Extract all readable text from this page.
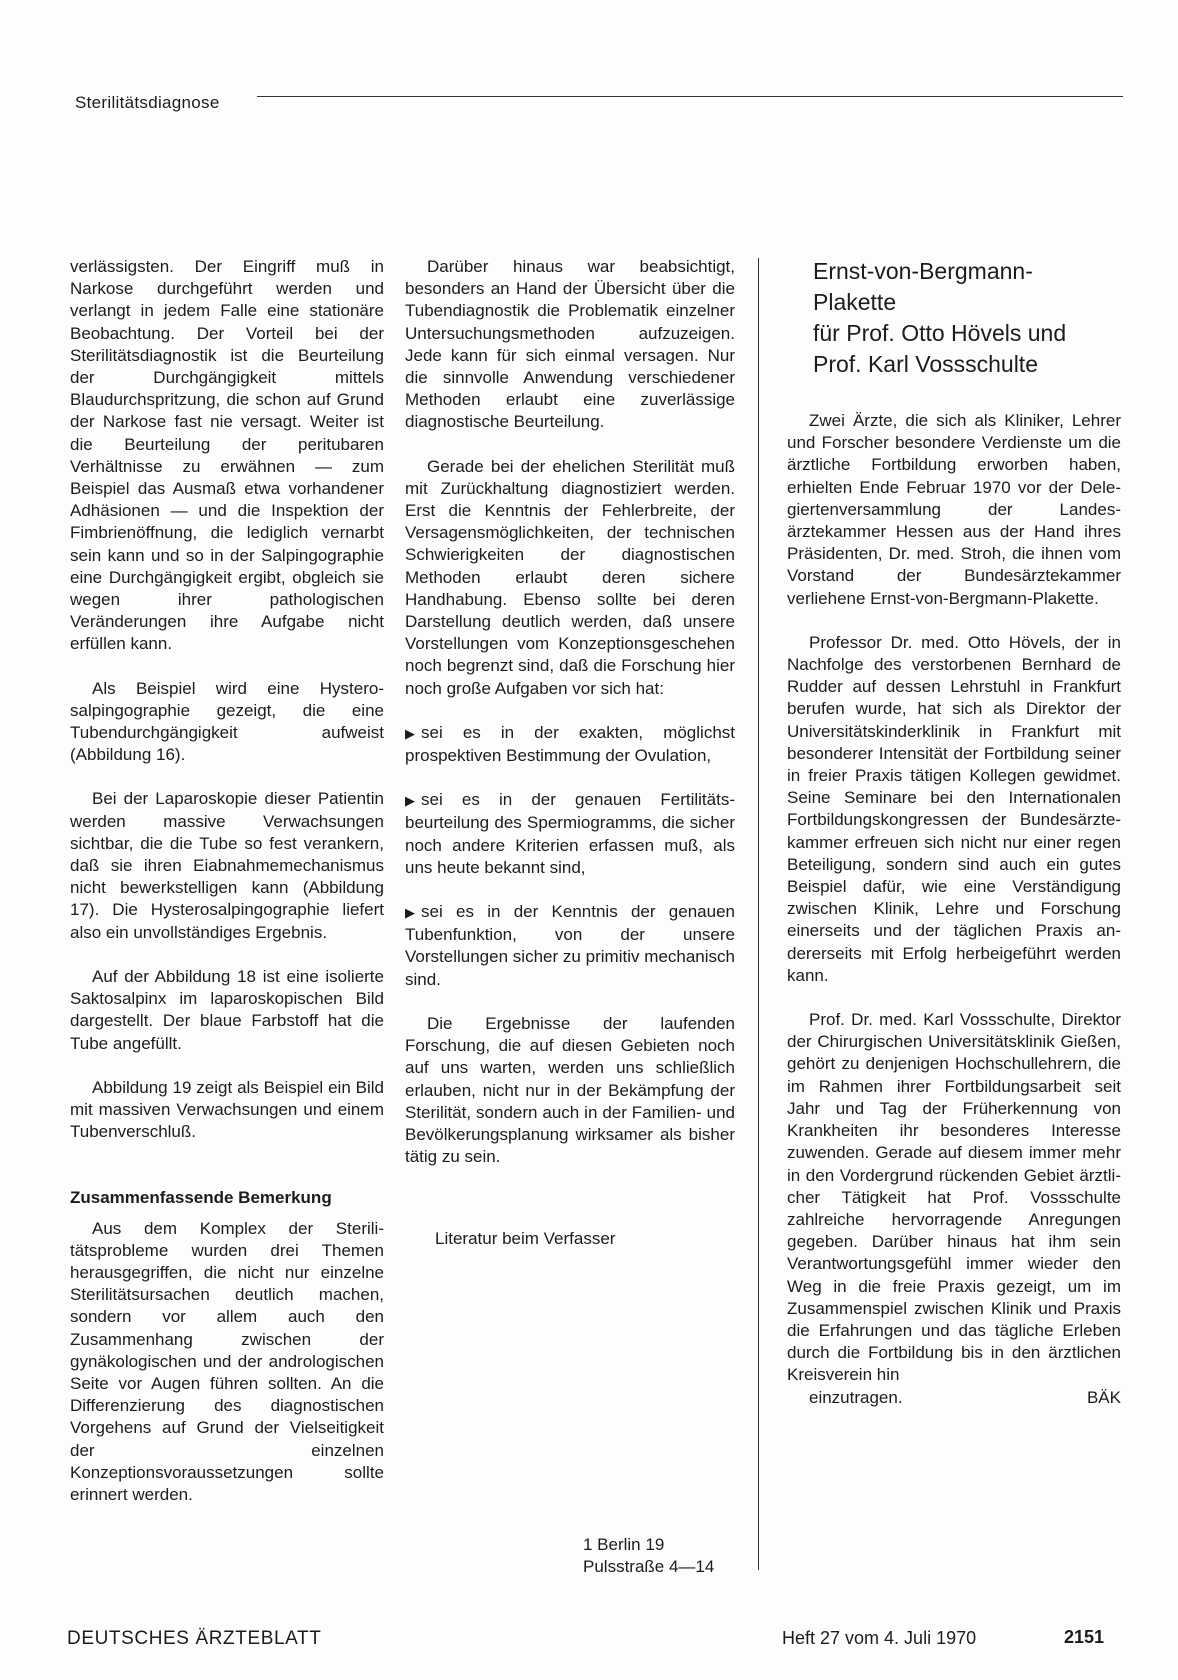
Sterilitätsdiagnose

verlässigsten. Der Eingriff muß in Narkose durchgeführt werden und verlangt in jedem Falle eine stationäre Beobachtung. Der Vorteil bei der Sterilitätsdiagnostik ist die Beurteilung der Durchgängigkeit mittels Blaudurchspritzung, die schon auf Grund der Narkose fast nie versagt. Weiter ist die Beurteilung der peritubaren Verhältnisse zu erwähnen — zum Beispiel das Ausmaß etwa vorhandener Adhäsionen — und die Inspektion der Fimbrienöffnung, die lediglich vernarbt sein kann und so in der Salpingographie eine Durchgängigkeit ergibt, obgleich sie wegen ihrer pathologischen Veränderungen ihre Aufgabe nicht erfüllen kann.

Als Beispiel wird eine Hysterosalpingographie gezeigt, die eine Tubendurchgängigkeit aufweist (Abbildung 16).

Bei der Laparoskopie dieser Patientin werden massive Verwachsungen sichtbar, die die Tube so fest verankern, daß sie ihren Eiabnahmemechanismus nicht bewerkstelligen kann (Abbildung 17). Die Hysterosalpingographie liefert also ein unvollständiges Ergebnis.

Auf der Abbildung 18 ist eine isolierte Saktosalpinx im laparoskopischen Bild dargestellt. Der blaue Farbstoff hat die Tube angefüllt.

Abbildung 19 zeigt als Beispiel ein Bild mit massiven Verwachsungen und einem Tubenverschluß.

Zusammenfassende Bemerkung

Aus dem Komplex der Sterilitätsprobleme wurden drei Themen herausgegriffen, die nicht nur einzelne Sterilitätsursachen deutlich machen, sondern vor allem auch den Zusammenhang zwischen der gynäkologischen und der andrologischen Seite vor Augen führen sollten. An die Differenzierung des diagnostischen Vorgehens auf Grund der Vielseitigkeit der einzelnen Konzeptionsvoraussetzungen sollte erinnert werden.

Darüber hinaus war beabsichtigt, besonders an Hand der Übersicht über die Tubendiagnostik die Problematik einzelner Untersuchungsmethoden aufzuzeigen. Jede kann für sich einmal versagen. Nur die sinnvolle Anwendung verschiedener Methoden erlaubt eine zuverlässige diagnostische Beurteilung.

Gerade bei der ehelichen Sterilität muß mit Zurückhaltung diagnostiziert werden. Erst die Kenntnis der Fehlerbreite, der Versagensmöglichkeiten, der technischen Schwierigkeiten der diagnostischen Methoden erlaubt deren sichere Handhabung. Ebenso sollte bei deren Darstellung deutlich werden, daß unsere Vorstellungen vom Konzeptionsgeschehen noch begrenzt sind, daß die Forschung hier noch große Aufgaben vor sich hat:

▶ sei es in der exakten, möglichst prospektiven Bestimmung der Ovulation,

▶ sei es in der genauen Fertilitätsbeurteilung des Spermiogramms, die sicher noch andere Kriterien erfassen muß, als uns heute bekannt sind,

▶ sei es in der Kenntnis der genauen Tubenfunktion, von der unsere Vorstellungen sicher zu primitiv mechanisch sind.

Die Ergebnisse der laufenden Forschung, die auf diesen Gebieten noch auf uns warten, werden uns schließlich erlauben, nicht nur in der Bekämpfung der Sterilität, sondern auch in der Familien- und Bevölkerungsplanung wirksamer als bisher tätig zu sein.

Literatur beim Verfasser
1 Berlin 19
Pulsstraße 4—14
Ernst-von-Bergmann-
Plakette
für Prof. Otto Hövels und
Prof. Karl Vossschulte

Zwei Ärzte, die sich als Kliniker, Lehrer und Forscher besondere Verdienste um die ärztliche Fortbildung erworben haben, erhielten Ende Februar 1970 vor der Delegiertenversammlung der Landesärztekammer Hessen aus der Hand ihres Präsidenten, Dr. med. Stroh, die ihnen vom Vorstand der Bundesärztekammer verliehene Ernst-von-Bergmann-Plakette.

Professor Dr. med. Otto Hövels, der in Nachfolge des verstorbenen Bernhard de Rudder auf dessen Lehrstuhl in Frankfurt berufen wurde, hat sich als Direktor der Universitätskinderklinik in Frankfurt mit besonderer Intensität der Fortbildung seiner in freier Praxis tätigen Kollegen gewidmet. Seine Seminare bei den Internationalen Fortbildungskongressen der Bundesärztekammer erfreuen sich nicht nur einer regen Beteiligung, sondern sind auch ein gutes Beispiel dafür, wie eine Verständigung zwischen Klinik, Lehre und Forschung einerseits und der täglichen Praxis andererseits mit Erfolg herbeigeführt werden kann.

Prof. Dr. med. Karl Vossschulte, Direktor der Chirurgischen Universitätsklinik Gießen, gehört zu denjenigen Hochschullehrern, die im Rahmen ihrer Fortbildungsarbeit seit Jahr und Tag der Früherkennung von Krankheiten ihr besonderes Interesse zuwenden. Gerade auf diesem immer mehr in den Vordergrund rückenden Gebiet ärztlicher Tätigkeit hat Prof. Vossschulte zahlreiche hervorragende Anregungen gegeben. Darüber hinaus hat ihm sein Verantwortungsgefühl immer wieder den Weg in die freie Praxis gezeigt, um im Zusammenspiel zwischen Klinik und Praxis die Erfahrungen und das tägliche Erleben durch die Fortbildung bis in den ärztlichen Kreisverein hin

einzutragen.	BÄK

DEUTSCHES ÄRZTEBLATT	Heft 27 vom 4. Juli 1970	2151
